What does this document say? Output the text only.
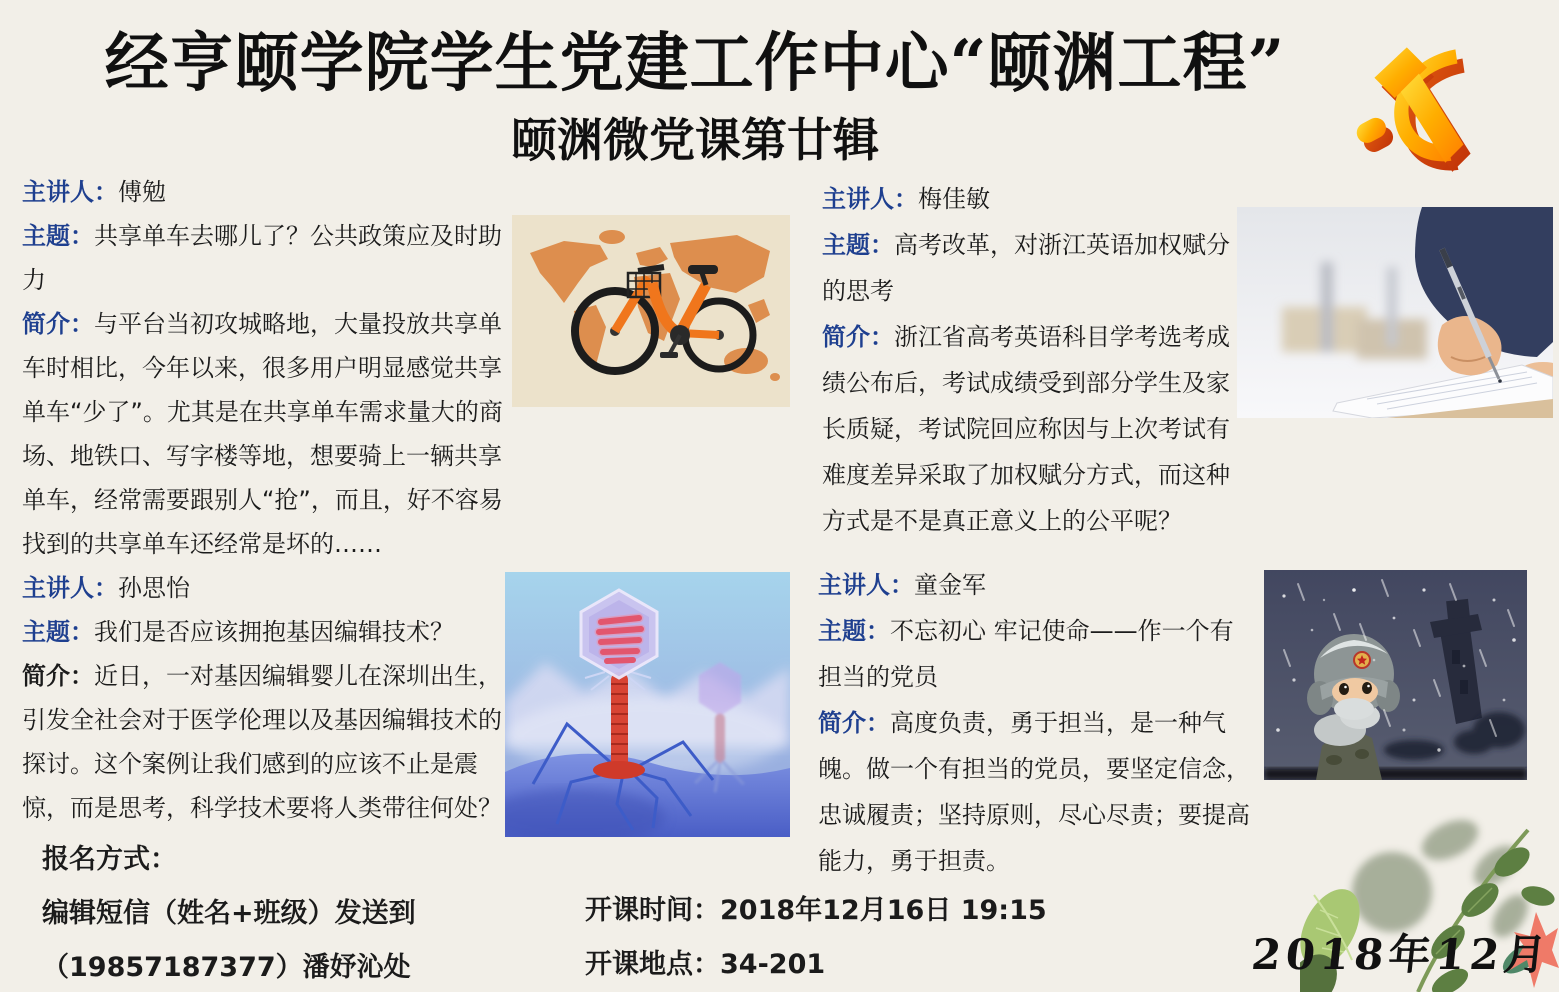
经亨颐学院学生党建工作中心“颐渊工程”
颐渊微党课第廿辑

主讲人：傅勉

主题：共享单车去哪儿了？公共政策应及时助力

简介：与平台当初攻城略地，大量投放共享单车时相比，今年以来，很多用户明显感觉共享单车“少了”。尤其是在共享单车需求量大的商场、地铁口、写字楼等地，想要骑上一辆共享单车，经常需要跟别人“抢”，而且，好不容易找到的共享单车还经常是坏的……

主讲人：梅佳敏

主题：高考改革，对浙江英语加权赋分的思考

简介：浙江省高考英语科目学考选考成绩公布后，考试成绩受到部分学生及家长质疑，考试院回应称因与上次考试有难度差异采取了加权赋分方式，而这种方式是不是真正意义上的公平呢？

主讲人：孙思怡

主题：我们是否应该拥抱基因编辑技术？

简介：近日，一对基因编辑婴儿在深圳出生，引发全社会对于医学伦理以及基因编辑技术的探讨。这个案例让我们感到的应该不止是震惊，而是思考，科学技术要将人类带往何处？

主讲人：童金军

主题：不忘初心 牢记使命——作一个有担当的党员

简介：高度负责，勇于担当，是一种气魄。做一个有担当的党员，要坚定信念，忠诚履责；坚持原则，尽心尽责；要提高能力，勇于担责。

报名方式：

编辑短信（姓名+班级）发送到

（19857187377）潘妤沁处

开课时间：2018年12月16日 19:15

开课地点：34-201	2018年12月
